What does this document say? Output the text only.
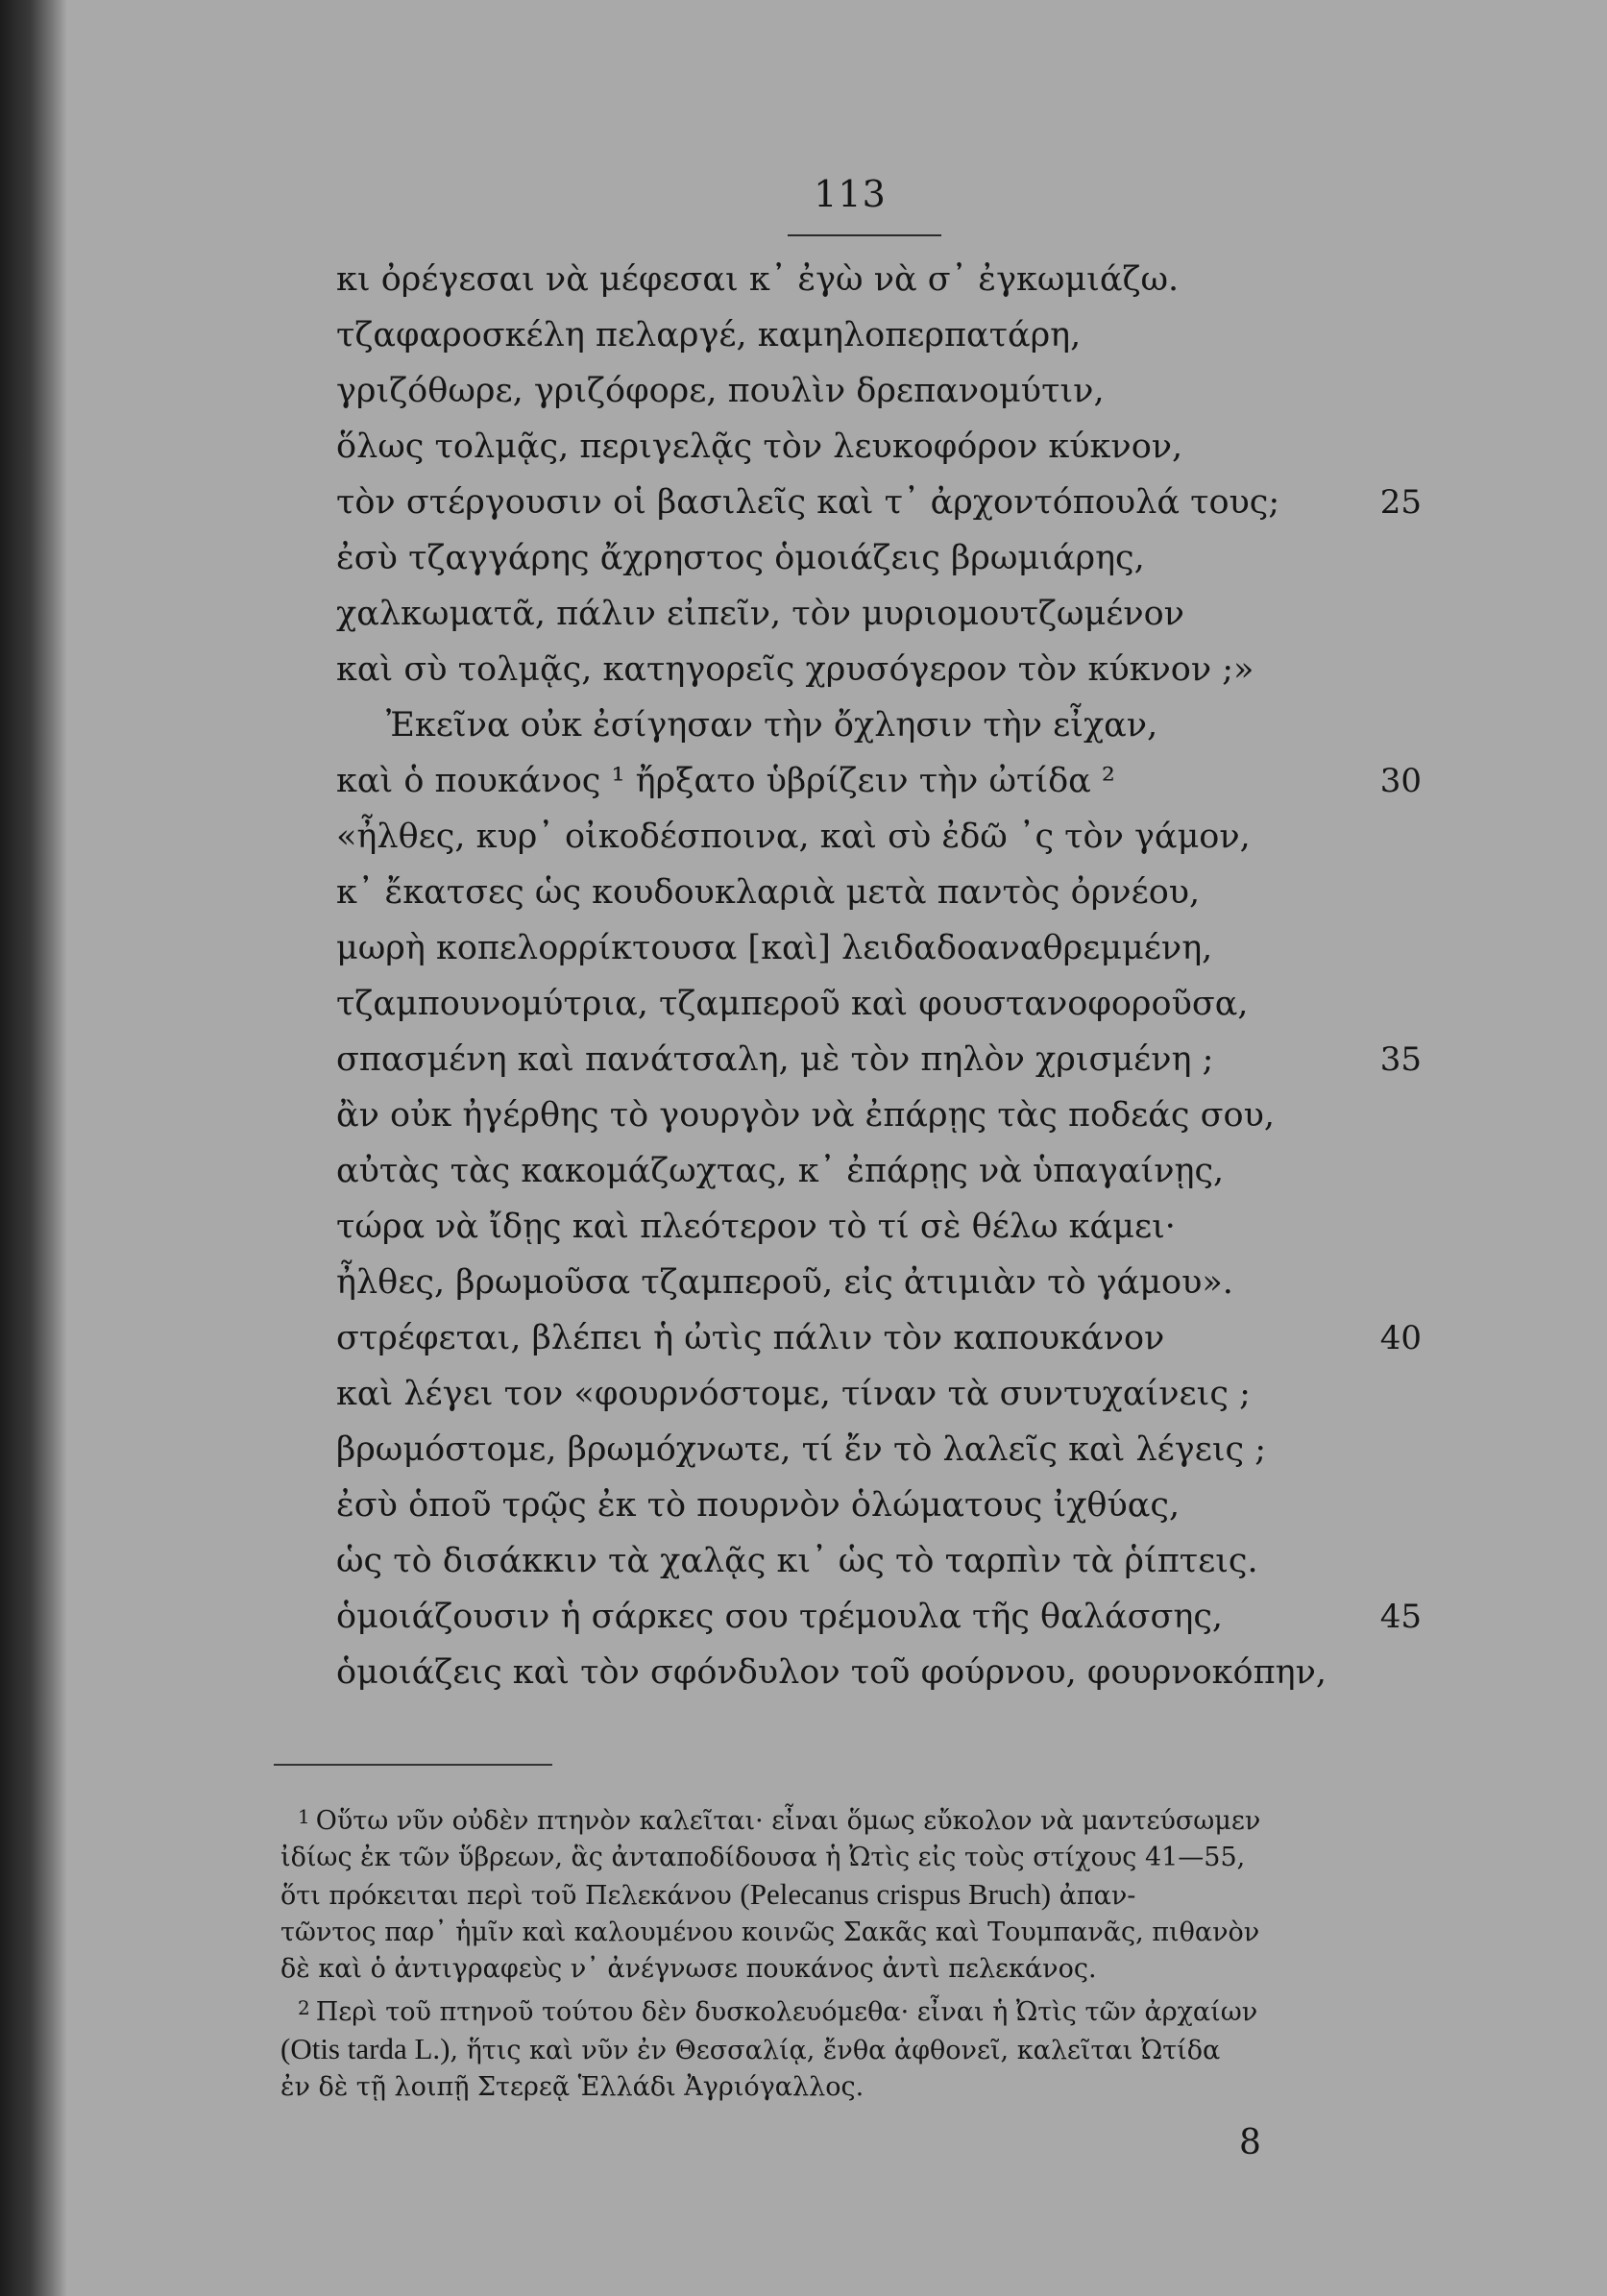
113
κι ὀρέγεσαι νὰ μέφεσαι κ᾽ ἐγὼ νὰ σ᾽ ἐγκωμιάζω.
τζαφαροσκέλη πελαργέ, καμηλοπερπατάρη,
γριζόθωρε, γριζόφορε, πουλὶν δρεπανομύτιν,
ὅλως τολμᾷς, περιγελᾷς τὸν λευκοφόρον κύκνον,
τὸν στέργουσιν οἱ βασιλεῖς καὶ τ᾽ ἀρχοντόπουλά τους;	25
ἐσὺ τζαγγάρης ἄχρηστος ὁμοιάζεις βρωμιάρης,
χαλκωματᾶ, πάλιν εἰπεῖν, τὸν μυριομουτζωμένον
καὶ σὺ τολμᾷς, κατηγορεῖς χρυσόγερον τὸν κύκνον ;»
Ἐκεῖνα οὐκ ἐσίγησαν τὴν ὄχλησιν τὴν εἶχαν,
καὶ ὁ πουκάνος ¹ ἤρξατο ὑβρίζειν τὴν ὠτίδα ²	30
«ἦλθες, κυρ᾽ οἰκοδέσποινα, καὶ σὺ ἐδῶ ᾽ς τὸν γάμον,
κ᾽ ἔκατσες ὡς κουδουκλαριὰ μετὰ παντὸς ὀρνέου,
μωρὴ κοπελορρίκτουσα [καὶ] λειδαδοαναθρεμμένη,
τζαμπουνομύτρια, τζαμπεροῦ καὶ φουστανοφοροῦσα,
σπασμένη καὶ πανάτσαλη, μὲ τὸν πηλὸν χρισμένη ;	35
ἂν οὐκ ἠγέρθης τὸ γουργὸν νὰ ἐπάρῃς τὰς ποδεάς σου,
αὐτὰς τὰς κακομάζωχτας, κ᾽ ἐπάρῃς νὰ ὑπαγαίνῃς,
τώρα νὰ ἴδῃς καὶ πλεότερον τὸ τί σὲ θέλω κάμει·
ἦλθες, βρωμοῦσα τζαμπεροῦ, εἰς ἀτιμιὰν τὸ γάμου».
στρέφεται, βλέπει ἡ ὠτὶς πάλιν τὸν καπουκάνον	40
καὶ λέγει τον «φουρνόστομε, τίναν τὰ συντυχαίνεις ;
βρωμόστομε, βρωμόχνωτε, τί ἔν τὸ λαλεῖς καὶ λέγεις ;
ἐσὺ ὁποῦ τρῷς ἐκ τὸ πουρνὸν ὁλώματους ἰχθύας,
ὡς τὸ δισάκκιν τὰ χαλᾷς κι᾽ ὡς τὸ ταρπὶν τὰ ῥίπτεις.
ὁμοιάζουσιν ἡ σάρκες σου τρέμουλα τῆς θαλάσσης,	45
ὁμοιάζεις καὶ τὸν σφόνδυλον τοῦ φούρνου, φουρνοκόπην,

$^1$ Οὕτω νῦν οὐδὲν πτηνὸν καλεῖται· εἶναι ὅμως εὔκολον νὰ μαντεύσωμεν

ἰδίως ἐκ τῶν ὕβρεων, ἃς ἀνταποδίδουσα ἡ Ὠτὶς εἰς τοὺς στίχους 41—55,

ὅτι πρόκειται περὶ τοῦ Πελεκάνου (Pelecanus crispus Bruch) ἀπαν-

τῶντος παρ᾽ ἡμῖν καὶ καλουμένου κοινῶς Σακᾶς καὶ Τουμπανᾶς, πιθανὸν

δὲ καὶ ὁ ἀντιγραφεὺς ν᾽ ἀνέγνωσε πουκάνος ἀντὶ πελεκάνος.

$^2$ Περὶ τοῦ πτηνοῦ τούτου δὲν δυσκολευόμεθα· εἶναι ἡ Ὠτὶς τῶν ἀρχαίων

(Otis tarda L.), ἥτις καὶ νῦν ἐν Θεσσαλίᾳ, ἔνθα ἀφθονεῖ, καλεῖται Ὠτίδα

ἐν δὲ τῇ λοιπῇ Στερεᾷ Ἑλλάδι Ἀγριόγαλλος.

8
